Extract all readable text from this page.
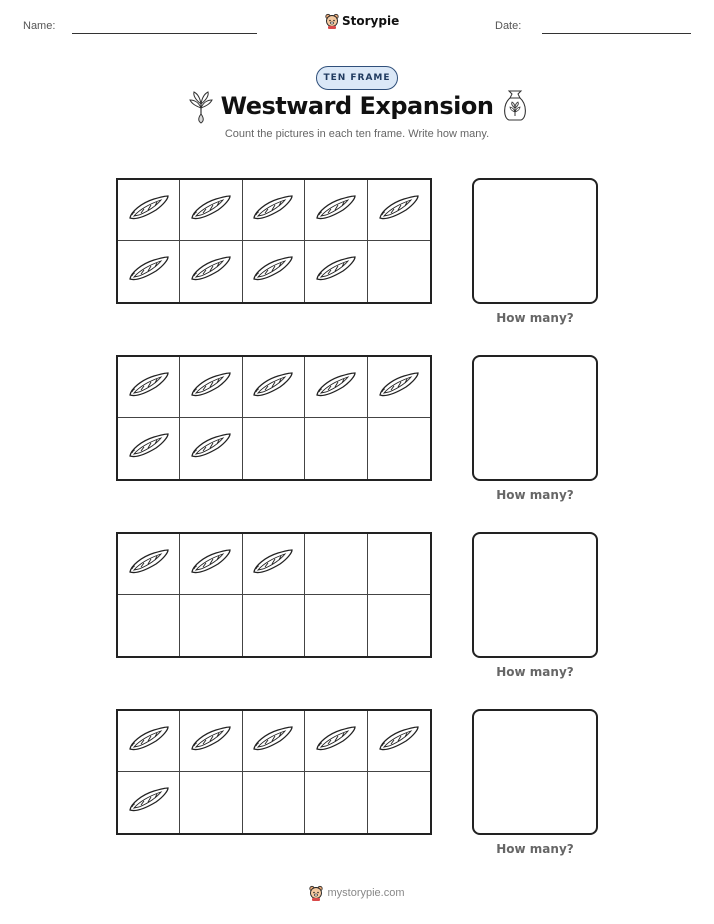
Name:	Storypie	Date:
TEN FRAME
Westward Expansion
Count the pictures in each ten frame. Write how many.
How many?
How many?
How many?
How many?
mystorypie.com
